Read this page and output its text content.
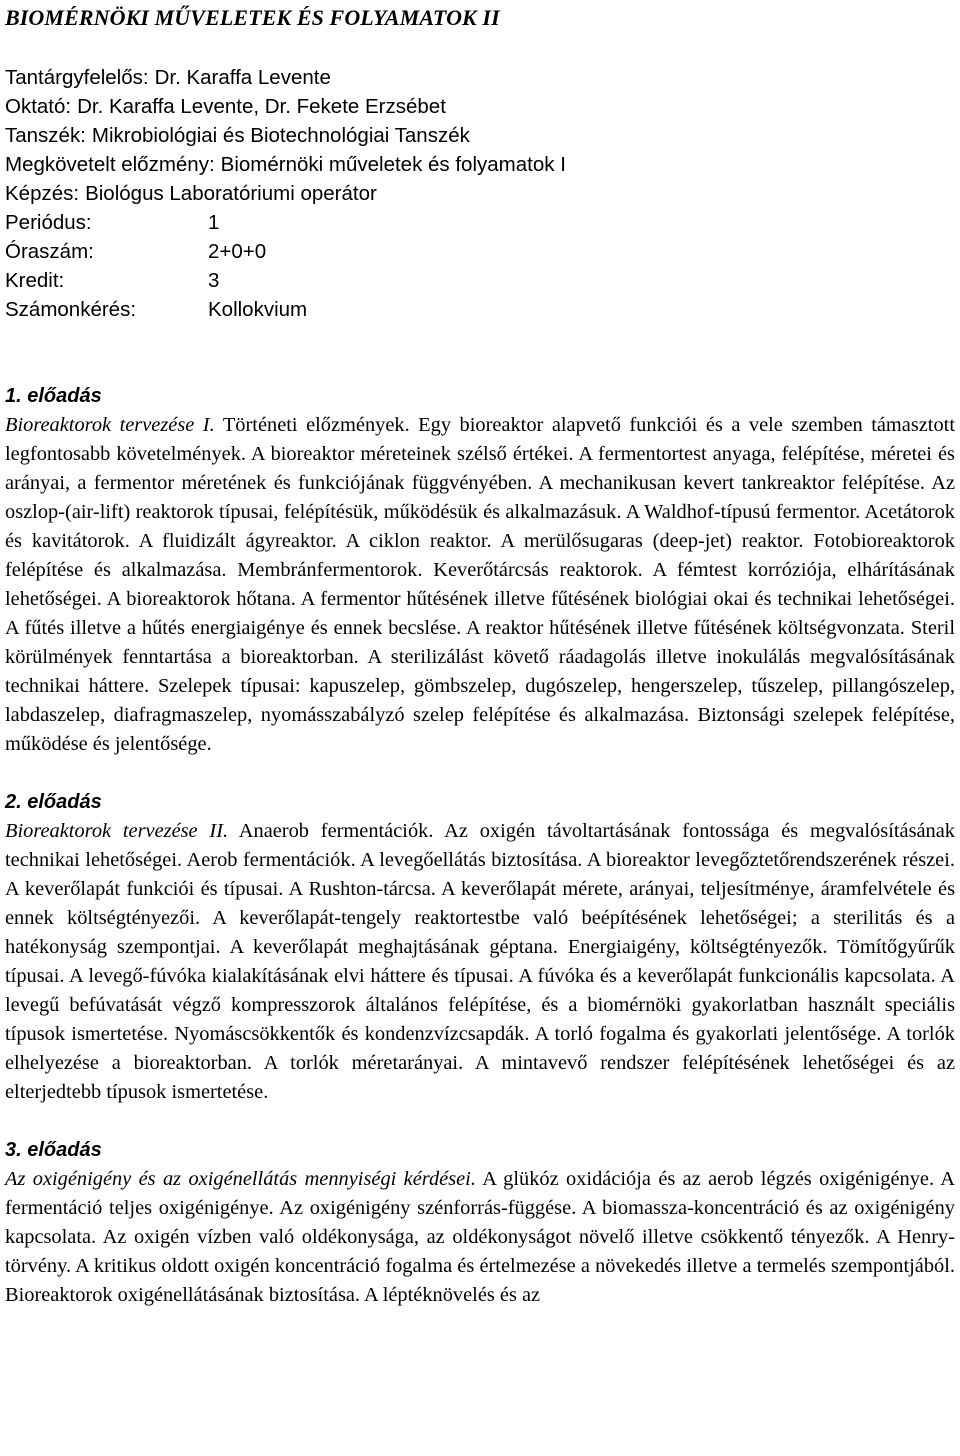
BIOMÉRNÖKI MŰVELETEK ÉS FOLYAMATOK II
Tantárgyfelelős: Dr. Karaffa Levente
Oktató: Dr. Karaffa Levente, Dr. Fekete Erzsébet
Tanszék: Mikrobiológiai és Biotechnológiai Tanszék
Megkövetelt előzmény: Biomérnöki műveletek és folyamatok I
Képzés: Biológus Laboratóriumi operátor
Periódus:	1
Óraszám:	2+0+0
Kredit:	3
Számonkérés:	Kollokvium

1. előadás

Bioreaktorok tervezése I. Történeti előzmények. Egy bioreaktor alapvető funkciói és a vele szemben támasztott legfontosabb követelmények. A bioreaktor méreteinek szélső értékei. A fermentortest anyaga, felépítése, méretei és arányai, a fermentor méretének és funkciójának függvényében. A mechanikusan kevert tankreaktor felépítése. Az oszlop-(air-lift) reaktorok típusai, felépítésük, működésük és alkalmazásuk. A Waldhof-típusú fermentor. Acetátorok és kavitátorok. A fluidizált ágyreaktor. A ciklon reaktor. A merülősugaras (deep-jet) reaktor. Fotobioreaktorok felépítése és alkalmazása. Membránfermentorok. Keverőtárcsás reaktorok. A fémtest korróziója, elhárításának lehetőségei. A bioreaktorok hőtana. A fermentor hűtésének illetve fűtésének biológiai okai és technikai lehetőségei. A fűtés illetve a hűtés energiaigénye és ennek becslése. A reaktor hűtésének illetve fűtésének költségvonzata. Steril körülmények fenntartása a bioreaktorban. A sterilizálást követő ráadagolás illetve inokulálás megvalósításának technikai háttere. Szelepek típusai: kapuszelep, gömbszelep, dugószelep, hengerszelep, tűszelep, pillangószelep, labdaszelep, diafragmaszelep, nyomásszabályzó szelep felépítése és alkalmazása. Biztonsági szelepek felépítése, működése és jelentősége.

2. előadás

Bioreaktorok tervezése II. Anaerob fermentációk. Az oxigén távoltartásának fontossága és megvalósításának technikai lehetőségei. Aerob fermentációk. A levegőellátás biztosítása. A bioreaktor levegőztetőrendszerének részei. A keverőlapát funkciói és típusai. A Rushton-tárcsa. A keverőlapát mérete, arányai, teljesítménye, áramfelvétele és ennek költségtényezői. A keverőlapát-tengely reaktortestbe való beépítésének lehetőségei; a sterilitás és a hatékonyság szempontjai. A keverőlapát meghajtásának géptana. Energiaigény, költségtényezők. Tömítőgyűrűk típusai. A levegő-fúvóka kialakításának elvi háttere és típusai. A fúvóka és a keverőlapát funkcionális kapcsolata. A levegű befúvatását végző kompresszorok általános felépítése, és a biomérnöki gyakorlatban használt speciális típusok ismertetése. Nyomáscsökkentők és kondenzvízcsapdák. A torló fogalma és gyakorlati jelentősége. A torlók elhelyezése a bioreaktorban. A torlók méretarányai. A mintavevő rendszer felépítésének lehetőségei és az elterjedtebb típusok ismertetése.

3. előadás

Az oxigénigény és az oxigénellátás mennyiségi kérdései. A glükóz oxidációja és az aerob légzés oxigénigénye. A fermentáció teljes oxigénigénye. Az oxigénigény szénforrás-függése. A biomassza-koncentráció és az oxigénigény kapcsolata. Az oxigén vízben való oldékonysága, az oldékonyságot növelő illetve csökkentő tényezők. A Henry-törvény. A kritikus oldott oxigén koncentráció fogalma és értelmezése a növekedés illetve a termelés szempontjából. Bioreaktorok oxigénellátásának biztosítása. A léptéknövelés és az
